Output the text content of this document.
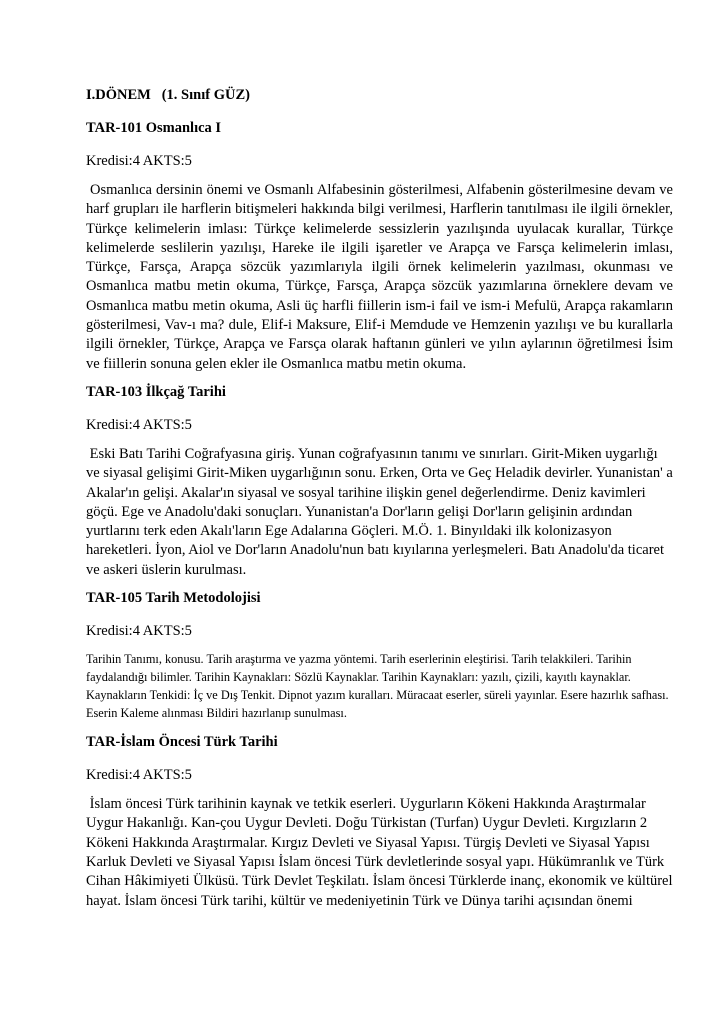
I.DÖNEM   (1. Sınıf GÜZ)

TAR-101 Osmanlıca I

Kredisi:4 AKTS:5

Osmanlıca dersinin önemi ve Osmanlı Alfabesinin gösterilmesi, Alfabenin gösterilmesine devam ve harf grupları ile harflerin bitişmeleri hakkında bilgi verilmesi, Harflerin tanıtılması ile ilgili örnekler, Türkçe kelimelerin imlası: Türkçe kelimelerde sessizlerin yazılışında uyulacak kurallar, Türkçe kelimelerde seslilerin yazılışı, Hareke ile ilgili işaretler ve Arapça ve Farsça kelimelerin imlası, Türkçe, Farsça, Arapça sözcük yazımlarıyla ilgili örnek kelimelerin yazılması, okunması ve Osmanlıca matbu metin okuma, Türkçe, Farsça, Arapça sözcük yazımlarına örneklere devam ve Osmanlıca matbu metin okuma, Asli üç harfli fiillerin ism-i fail ve ism-i Mefulü, Arapça rakamların gösterilmesi, Vav-ı ma? dule, Elif-i Maksure, Elif-i Memdude ve Hemzenin yazılışı ve bu kurallarla ilgili örnekler, Türkçe, Arapça ve Farsça olarak haftanın günleri ve yılın aylarının öğretilmesi İsim ve fiillerin sonuna gelen ekler ile Osmanlıca matbu metin okuma.

TAR-103 İlkçağ Tarihi

Kredisi:4 AKTS:5

Eski Batı Tarihi Coğrafyasına giriş. Yunan coğrafyasının tanımı ve sınırları. Girit-Miken uygarlığı ve siyasal gelişimi Girit-Miken uygarlığının sonu. Erken, Orta ve Geç Heladik devirler. Yunanistan' a Akalar'ın gelişi. Akalar'ın siyasal ve sosyal tarihine ilişkin genel değerlendirme. Deniz kavimleri göçü. Ege ve Anadolu'daki sonuçları. Yunanistan'a Dor'ların gelişi Dor'ların gelişinin ardından yurtlarını terk eden Akalı'ların Ege Adalarına Göçleri. M.Ö. 1. Binyıldaki ilk kolonizasyon hareketleri. İyon, Aiol ve Dor'ların Anadolu'nun batı kıyılarına yerleşmeleri. Batı Anadolu'da ticaret ve askeri üslerin kurulması.

TAR-105 Tarih Metodolojisi

Kredisi:4 AKTS:5

Tarihin Tanımı, konusu. Tarih araştırma ve yazma yöntemi. Tarih eserlerinin eleştirisi. Tarih telakkileri. Tarihin faydalandığı bilimler. Tarihin Kaynakları: Sözlü Kaynaklar. Tarihin Kaynakları: yazılı, çizili, kayıtlı kaynaklar. Kaynakların Tenkidi: İç ve Dış Tenkit. Dipnot yazım kuralları. Müracaat eserler, süreli yayınlar. Esere hazırlık safhası. Eserin Kaleme alınması Bildiri hazırlanıp sunulması.

TAR-İslam Öncesi Türk Tarihi

Kredisi:4 AKTS:5

İslam öncesi Türk tarihinin kaynak ve tetkik eserleri. Uygurların Kökeni Hakkında Araştırmalar Uygur Hakanlığı. Kan-çou Uygur Devleti. Doğu Türkistan (Turfan) Uygur Devleti. Kırgızların 2 Kökeni Hakkında Araştırmalar. Kırgız Devleti ve Siyasal Yapısı. Türgiş Devleti ve Siyasal Yapısı Karluk Devleti ve Siyasal Yapısı İslam öncesi Türk devletlerinde sosyal yapı. Hükümranlık ve Türk Cihan Hâkimiyeti Ülküsü. Türk Devlet Teşkilatı. İslam öncesi Türklerde inanç, ekonomik ve kültürel hayat. İslam öncesi Türk tarihi, kültür ve medeniyetinin Türk ve Dünya tarihi açısından önemi
